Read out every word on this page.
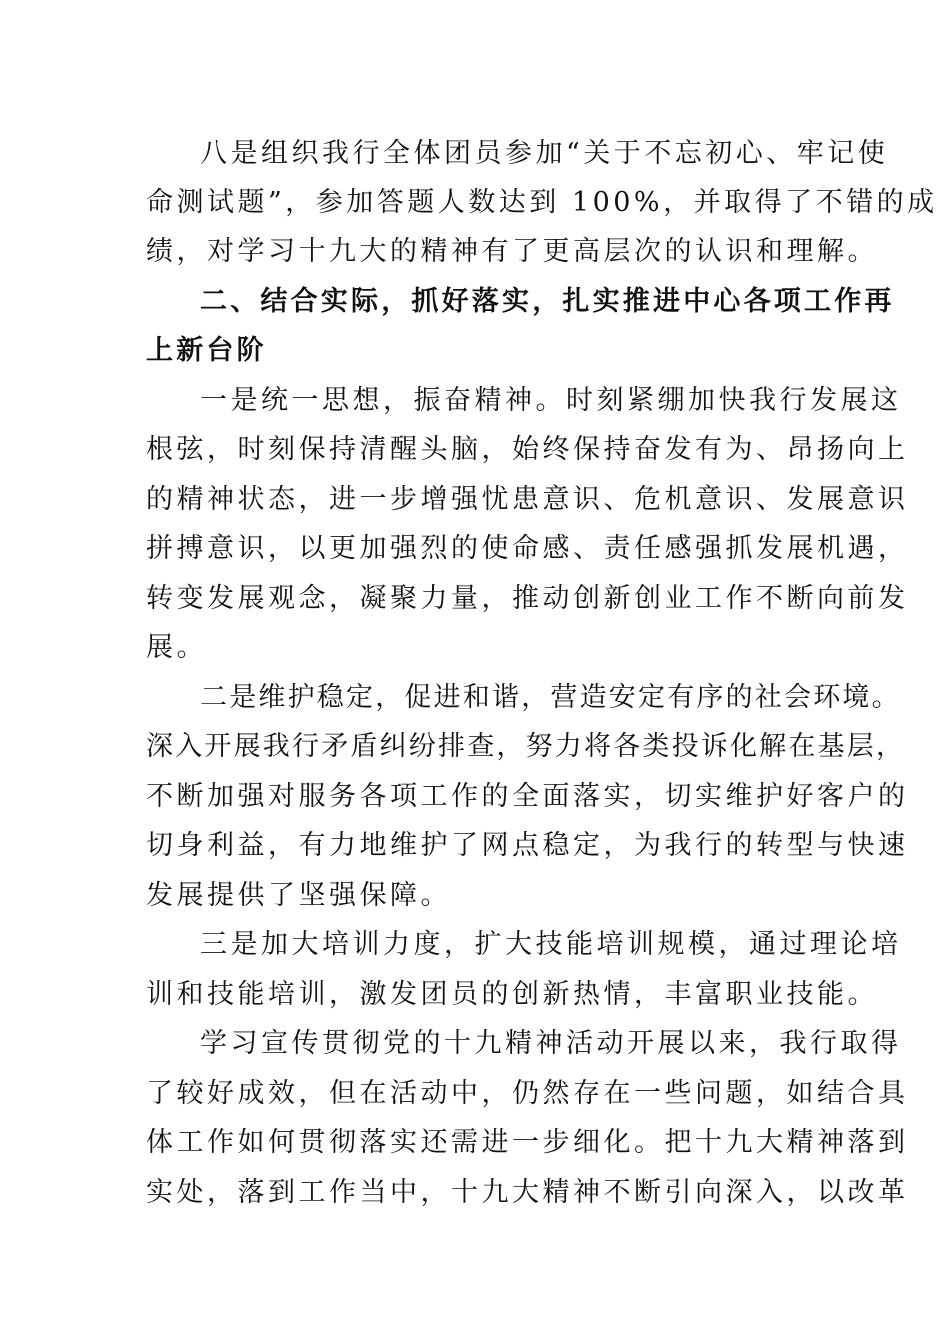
八是组织我行全体团员参加“关于不忘初心、牢记使
命测试题”，参加答题人数达到 100%，并取得了不错的成
绩，对学习十九大的精神有了更高层次的认识和理解。
二、结合实际，抓好落实，扎实推进中心各项工作再
上新台阶
一是统一思想，振奋精神。时刻紧绷加快我行发展这
根弦，时刻保持清醒头脑，始终保持奋发有为、昂扬向上
的精神状态，进一步增强忧患意识、危机意识、发展意识
拼搏意识，以更加强烈的使命感、责任感强抓发展机遇，
转变发展观念，凝聚力量，推动创新创业工作不断向前发
展。
二是维护稳定，促进和谐，营造安定有序的社会环境。
深入开展我行矛盾纠纷排查，努力将各类投诉化解在基层，
不断加强对服务各项工作的全面落实，切实维护好客户的
切身利益，有力地维护了网点稳定，为我行的转型与快速
发展提供了坚强保障。
三是加大培训力度，扩大技能培训规模，通过理论培
训和技能培训，激发团员的创新热情，丰富职业技能。
学习宣传贯彻党的十九精神活动开展以来，我行取得
了较好成效，但在活动中，仍然存在一些问题，如结合具
体工作如何贯彻落实还需进一步细化。把十九大精神落到
实处，落到工作当中，十九大精神不断引向深入，以改革
